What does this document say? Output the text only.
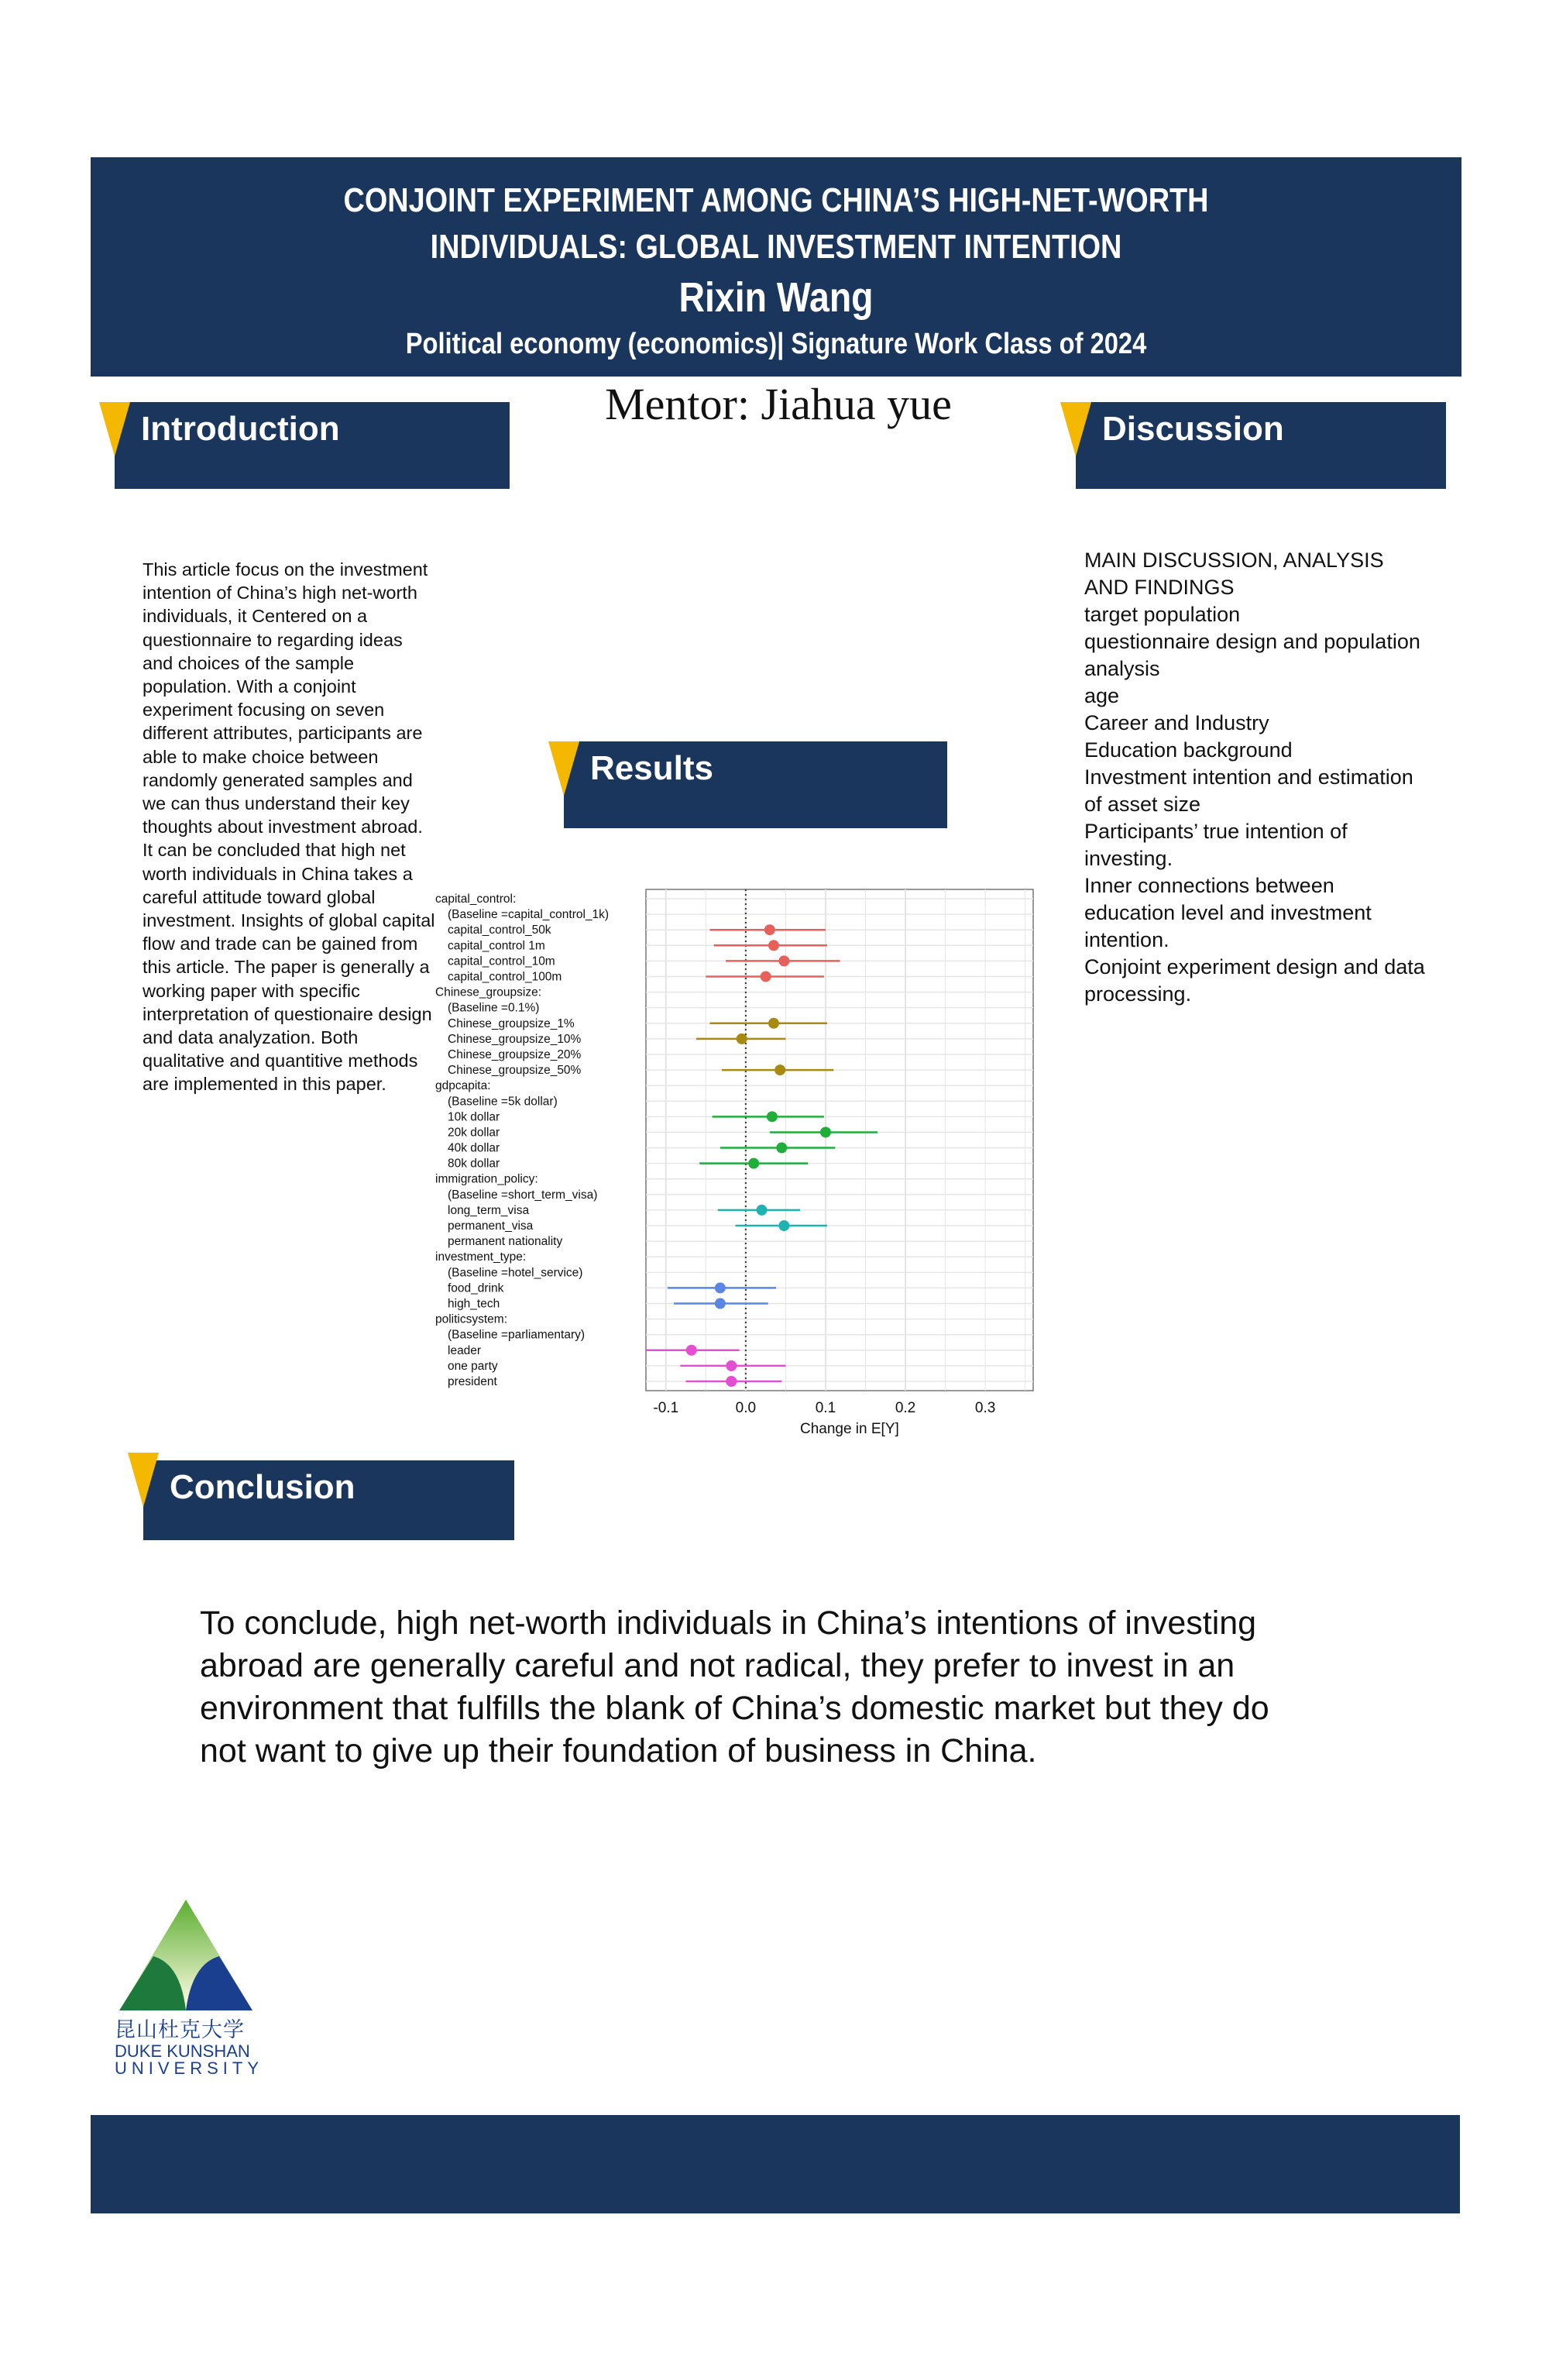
CONJOINT EXPERIMENT AMONG CHINA’S HIGH-NET-WORTH
INDIVIDUALS: GLOBAL INVESTMENT INTENTION
Rixin Wang
Political economy (economics)| Signature Work Class of 2024
Mentor: Jiahua yue
Introduction
This article focus on the investment intention of China’s high net-worth individuals, it Centered on a questionnaire to regarding ideas and choices of the sample population. With a conjoint experiment focusing on seven different attributes, participants are able to make choice between randomly generated samples and we can thus understand their key thoughts about investment abroad. It can be concluded that high net worth individuals in China takes a careful attitude toward global investment. Insights of global capital flow and trade can be gained from this article. The paper is generally a working paper with specific interpretation of questionaire design and data analyzation. Both qualitative and quantitive methods are implemented in this paper.
Discussion
MAIN DISCUSSION, ANALYSIS AND FINDINGS
target population
questionnaire design and population analysis
age
Career and Industry
Education background
Investment intention and estimation of asset size
Participants’ true intention of investing.
Inner connections between education level and investment intention.
Conjoint experiment design and data processing.
Results
capital_control:
(Baseline =capital_control_1k)
capital_control_50k
capital_control 1m
capital_control_10m
capital_control_100m
Chinese_groupsize:
(Baseline =0.1%)
Chinese_groupsize_1%
Chinese_groupsize_10%
Chinese_groupsize_20%
Chinese_groupsize_50%
gdpcapita:
(Baseline =5k dollar)
10k dollar
20k dollar
40k dollar
80k dollar
immigration_policy:
(Baseline =short_term_visa)
long_term_visa
permanent_visa
permanent nationality
investment_type:
(Baseline =hotel_service)
food_drink
high_tech
politicsystem:
(Baseline =parliamentary)
leader
one party
president
-0.1	0.0	0.1	0.2	0.3
Change in E[Y]
Conclusion
To conclude, high net-worth individuals in China’s intentions of investing abroad are generally careful and not radical, they prefer to invest in an environment that fulfills the blank of China’s domestic market but they do not want to give up their foundation of business in China.
昆山杜克大学
DUKE KUNSHAN
UNIVERSITY
